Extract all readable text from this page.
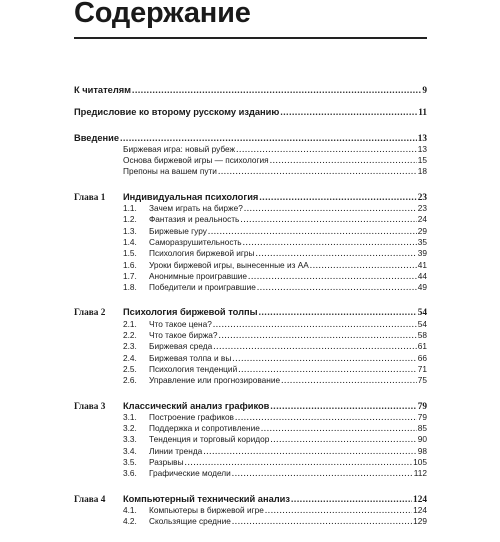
Содержание
К читателям .....	9
Предисловие ко второму русскому изданию .....	11
Введение .....	13
Биржевая игра: новый рубеж .....	13
Основа биржевой игры — психология .....	15
Препоны на вашем пути .....	18
Глава 1	Индивидуальная психология .....	23
1.1.	Зачем играть на бирже? .....	23
1.2.	Фантазия и реальность .....	24
1.3.	Биржевые гуру .....	29
1.4.	Саморазрушительность .....	35
1.5.	Психология биржевой игры .....	39
1.6.	Уроки биржевой игры, вынесенные из АА .....	41
1.7.	Анонимные проигравшие .....	44
1.8.	Победители и проигравшие .....	49
Глава 2	Психология биржевой толпы .....	54
2.1.	Что такое цена? .....	54
2.2.	Что такое биржа? .....	58
2.3.	Биржевая среда .....	61
2.4.	Биржевая толпа и вы .....	66
2.5.	Психология тенденций .....	71
2.6.	Управление или прогнозирование .....	75
Глава 3	Классический анализ графиков .....	79
3.1.	Построение графиков .....	79
3.2.	Поддержка и сопротивление .....	85
3.3.	Тенденция и торговый коридор .....	90
3.4.	Линии тренда .....	98
3.5.	Разрывы .....	105
3.6.	Графические модели .....	112
Глава 4	Компьютерный технический анализ .....	124
4.1.	Компьютеры в биржевой игре .....	124
4.2.	Скользящие средние .....	129
